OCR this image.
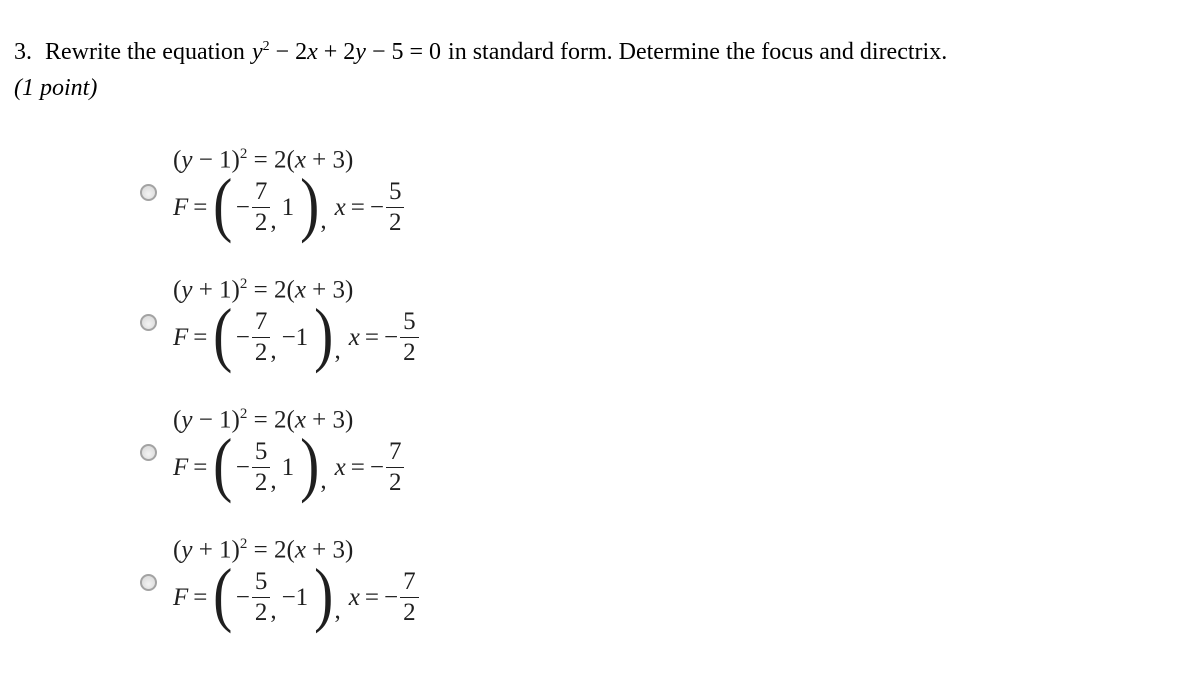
3. Rewrite the equation $y^2 - 2x + 2y - 5 = 0$ in standard form. Determine the focus and directrix.
(1 point)
$(y - 1)^2 = 2(x + 3)$
F = ( − $\frac{7}{2}$ , 1 ) , x = − $\frac{5}{2}$
$(y + 1)^2 = 2(x + 3)$
F = ( − $\frac{7}{2}$ , −1 ) , x = − $\frac{5}{2}$
$(y - 1)^2 = 2(x + 3)$
F = ( − $\frac{5}{2}$ , 1 ) , x = − $\frac{7}{2}$
$(y + 1)^2 = 2(x + 3)$
F = ( − $\frac{5}{2}$ , −1 ) , x = − $\frac{7}{2}$
